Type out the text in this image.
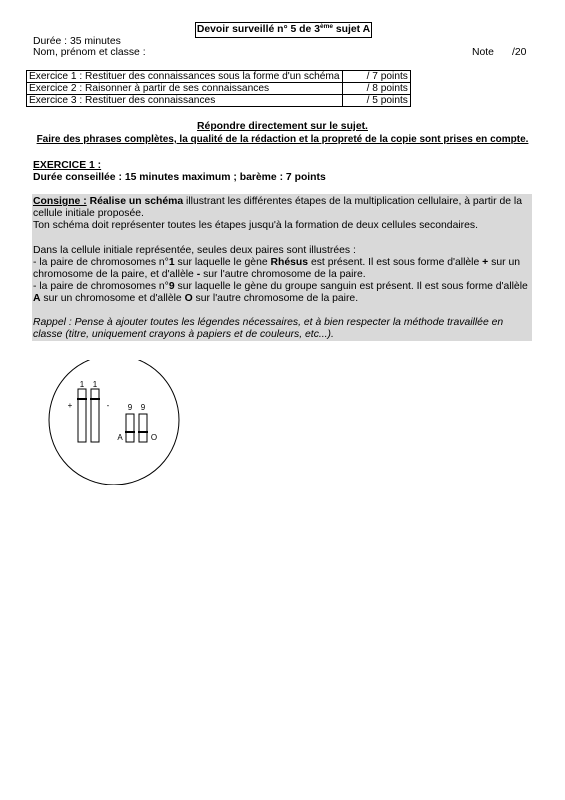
Devoir surveillé n° 5 de 3ème sujet A
Durée : 35 minutes
Nom, prénom et classe :	Note /20
Exercice 1 : Restituer des connaissances sous la forme d'un schéma	/ 7 points
Exercice 2 : Raisonner à partir de ses connaissances	/ 8 points
Exercice 3 : Restituer des connaissances	/ 5 points
Répondre directement sur le sujet.
Faire des phrases complètes, la qualité de la rédaction et la propreté de la copie sont prises en compte.
EXERCICE 1 :
Durée conseillée : 15 minutes maximum ; barème : 7 points
Consigne : Réalise un schéma illustrant les différentes étapes de la multiplication cellulaire, à partir de la cellule initiale proposée.
Ton schéma doit représenter toutes les étapes jusqu'à la formation de deux cellules secondaires.
Dans la cellule initiale représentée, seules deux paires sont illustrées :
- la paire de chromosomes n°1 sur laquelle le gène Rhésus est présent. Il est sous forme d'allèle + sur un chromosome de la paire, et d'allèle - sur l'autre chromosome de la paire.
- la paire de chromosomes n°9 sur laquelle le gène du groupe sanguin est présent. Il est sous forme d'allèle A sur un chromosome et d'allèle O sur l'autre chromosome de la paire.
Rappel : Pense à ajouter toutes les légendes nécessaires, et à bien respecter la méthode travaillée en classe (titre, uniquement crayons à papiers et de couleurs, etc...).
1 1
+	- 9 9
A	O
